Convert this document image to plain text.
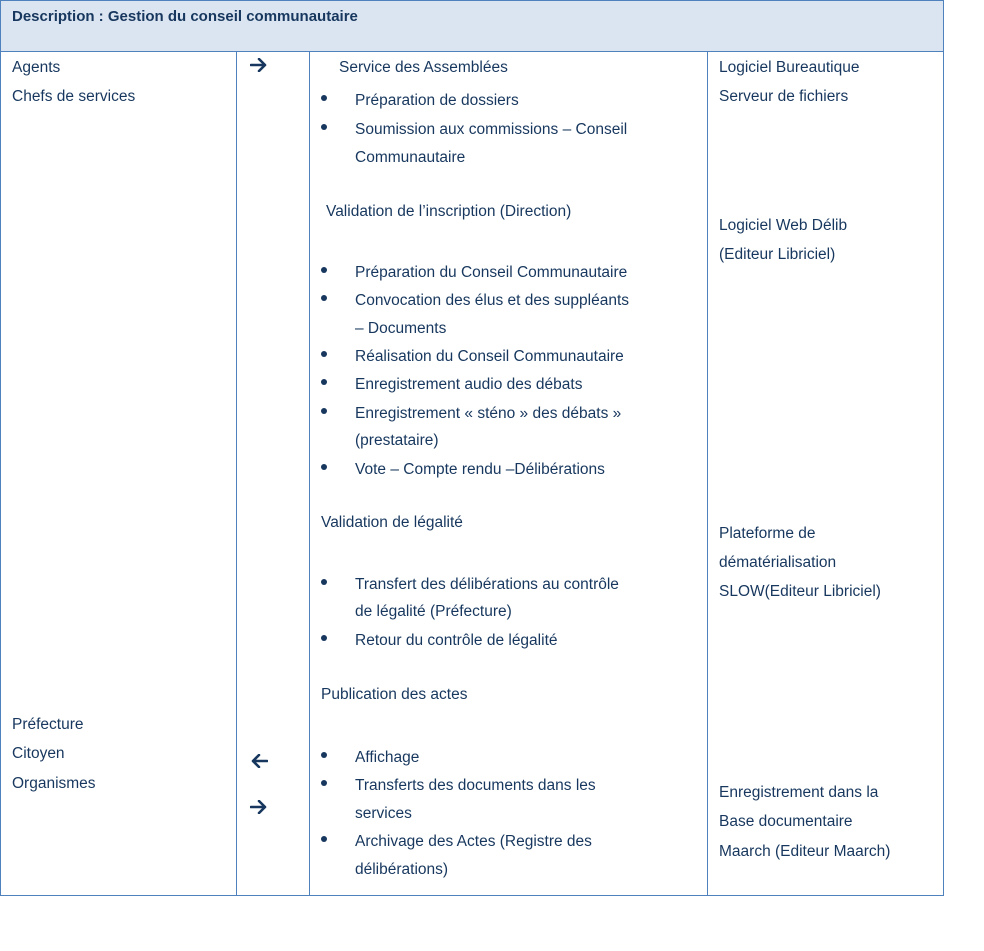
Description : Gestion du conseil communautaire
Agents
Chefs de services
Préfecture
Citoyen
Organismes
Service des Assemblées
Validation de l’inscription (Direction)
Validation de légalité
Publication des actes
Préparation de dossiers
Soumission aux commissions – Conseil
Communautaire
Préparation du Conseil Communautaire
Convocation des élus et des suppléants
– Documents
Réalisation du Conseil Communautaire
Enregistrement audio des débats
Enregistrement « sténo » des débats »
(prestataire)
Vote – Compte rendu –Délibérations
Transfert des délibérations au contrôle
de légalité (Préfecture)
Retour du contrôle de légalité
Affichage
Transferts des documents dans les
services
Archivage des Actes (Registre des
délibérations)
Logiciel Bureautique
Serveur de fichiers
Logiciel Web Délib
(Editeur Libriciel)
Plateforme de
dématérialisation
SLOW(Editeur Libriciel)
Enregistrement dans la
Base documentaire
Maarch (Editeur Maarch)
